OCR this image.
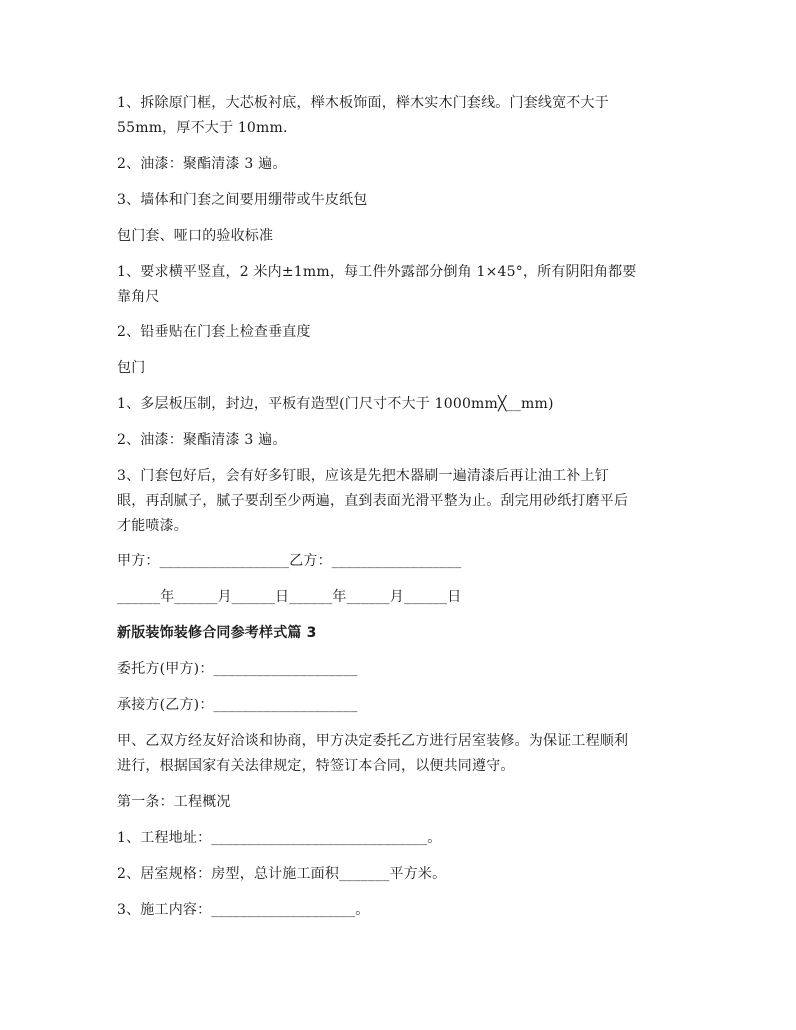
1、拆除原门框，大芯板衬底，榉木板饰面，榉木实木门套线。门套线宽不大于
55mm，厚不大于 10mm.
2、油漆：聚酯清漆 3 遍。
3、墙体和门套之间要用绷带或牛皮纸包
包门套、哑口的验收标准
1、要求横平竖直，2 米内±1mm，每工件外露部分倒角 1×45°，所有阴阳角都要
靠角尺
2、铅垂贴在门套上检查垂直度
包门
1、多层板压制，封边，平板有造型(门尺寸不大于 1000mm╳__mm)
2、油漆：聚酯清漆 3 遍。
3、门套包好后，会有好多钉眼，应该是先把木器刷一遍清漆后再让油工补上钉
眼，再刮腻子，腻子要刮至少两遍，直到表面光滑平整为止。刮完用砂纸打磨平后
才能喷漆。
甲方：__________________乙方：__________________
______年______月______日______年______月______日
新版装饰装修合同参考样式篇 3
委托方(甲方)：____________________
承接方(乙方)：____________________
甲、乙双方经友好洽谈和协商，甲方决定委托乙方进行居室装修。为保证工程顺利
进行，根据国家有关法律规定，特签订本合同，以便共同遵守。
第一条：工程概况
1、工程地址：______________________________。
2、居室规格：房型，总计施工面积_______平方米。
3、施工内容：____________________。
